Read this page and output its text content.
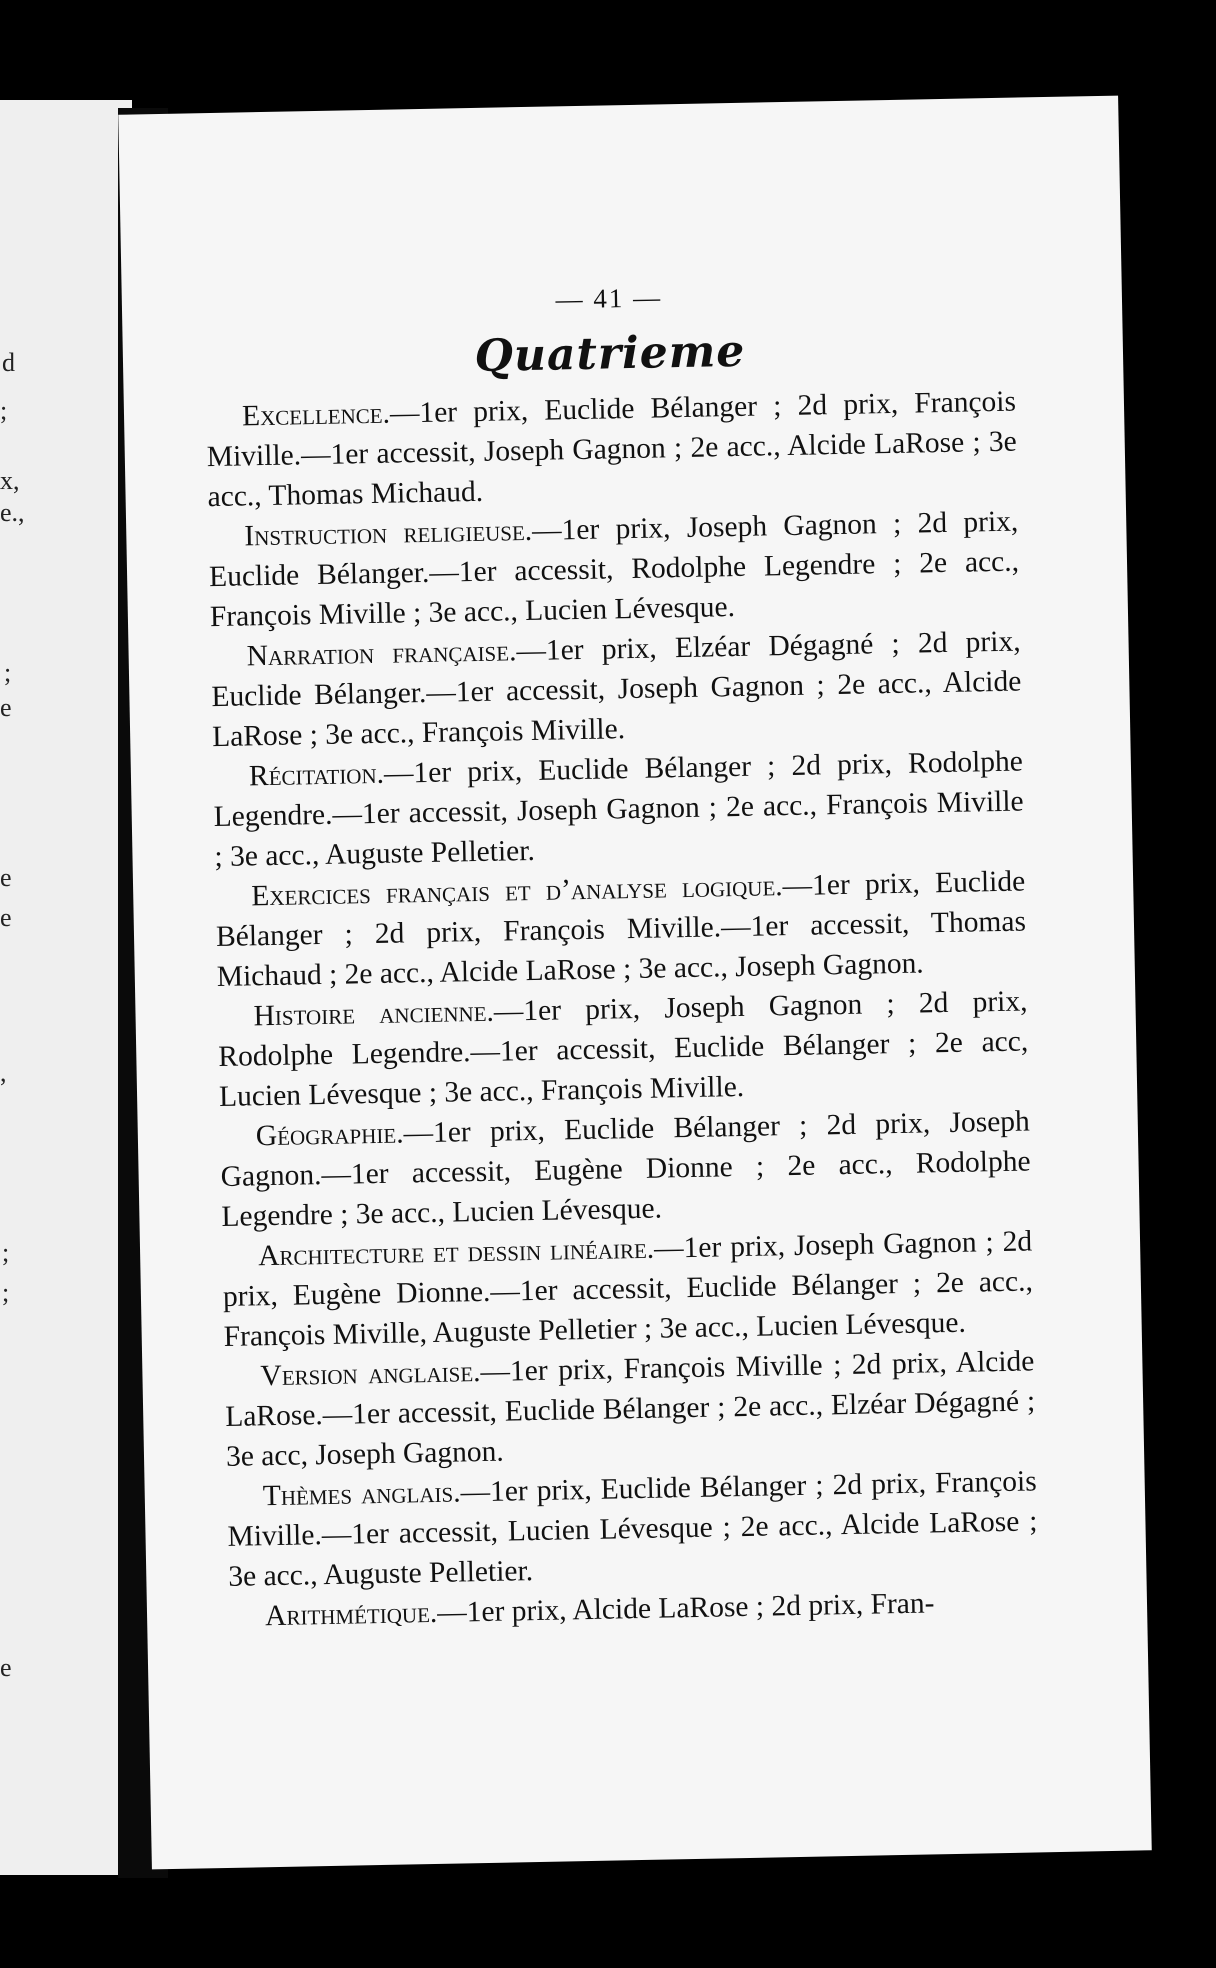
d
;
x,
e.,
;
e
e
e
,
;
;
e
— 41 —
Quatrieme

Excellence.—1er prix, Euclide Bélanger ; 2d prix, François Miville.—1er accessit, Joseph Gagnon ; 2e acc., Alcide LaRose ; 3e acc., Thomas Michaud.

Instruction religieuse.—1er prix, Joseph Gagnon ; 2d prix, Euclide Bélanger.—1er accessit, Rodolphe Legendre ; 2e acc., François Miville ; 3e acc., Lucien Lévesque.

Narration française.—1er prix, Elzéar Dégagné ; 2d prix, Euclide Bélanger.—1er accessit, Joseph Gagnon ; 2e acc., Alcide LaRose ; 3e acc., François Miville.

Récitation.—1er prix, Euclide Bélanger ; 2d prix, Rodolphe Legendre.—1er accessit, Joseph Gagnon ; 2e acc., François Miville ; 3e acc., Auguste Pelletier.

Exercices français et d’analyse logique.—1er prix, Euclide Bélanger ; 2d prix, François Miville.—1er accessit, Thomas Michaud ; 2e acc., Alcide LaRose ; 3e acc., Joseph Gagnon.

Histoire ancienne.—1er prix, Joseph Gagnon ; 2d prix, Rodolphe Legendre.—1er accessit, Euclide Bélanger ; 2e acc, Lucien Lévesque ; 3e acc., François Miville.

Géographie.—1er prix, Euclide Bélanger ; 2d prix, Joseph Gagnon.—1er accessit, Eugène Dionne ; 2e acc., Rodolphe Legendre ; 3e acc., Lucien Lévesque.

Architecture et dessin linéaire.—1er prix, Joseph Gagnon ; 2d prix, Eugène Dionne.—1er accessit, Euclide Bélanger ; 2e acc., François Miville, Auguste Pelletier ; 3e acc., Lucien Lévesque.

Version anglaise.—1er prix, François Miville ; 2d prix, Alcide LaRose.—1er accessit, Euclide Bélanger ; 2e acc., Elzéar Dégagné ; 3e acc, Joseph Gagnon.

Thèmes anglais.—1er prix, Euclide Bélanger ; 2d prix, François Miville.—1er accessit, Lucien Lévesque ; 2e acc., Alcide LaRose ; 3e acc., Auguste Pelletier.

Arithmétique.—1er prix, Alcide LaRose ; 2d prix, Fran-
